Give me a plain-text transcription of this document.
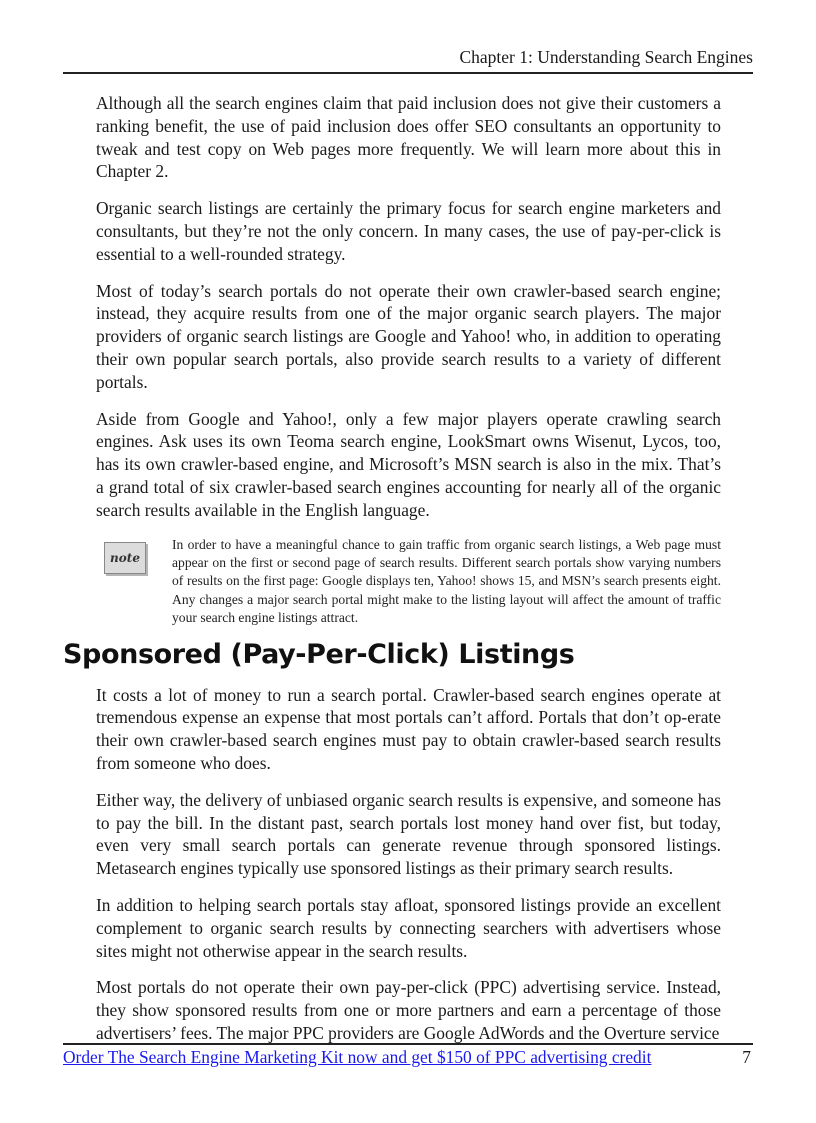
Chapter 1: Understanding Search Engines

Although all the search engines claim that paid inclusion does not give their customers a ranking benefit, the use of paid inclusion does offer SEO consultants an opportunity to tweak and test copy on Web pages more frequently. We will learn more about this in Chapter 2.

Organic search listings are certainly the primary focus for search engine marketers and consultants, but they’re not the only concern. In many cases, the use of pay-per-click is essential to a well-rounded strategy.

Most of today’s search portals do not operate their own crawler-based search engine; instead, they acquire results from one of the major organic search players. The major providers of organic search listings are Google and Yahoo! who, in addition to operating their own popular search portals, also provide search results to a variety of different portals.

Aside from Google and Yahoo!, only a few major players operate crawling search engines. Ask uses its own Teoma search engine, LookSmart owns Wisenut, Lycos, too, has its own crawler-based engine, and Microsoft’s MSN search is also in the mix. That’s a grand total of six crawler-based search engines accounting for nearly all of the organic search results available in the English language.

note
In order to have a meaningful chance to gain traffic from organic search listings, a Web page must appear on the first or second page of search results. Different search portals show varying numbers of results on the first page: Google displays ten, Yahoo! shows 15, and MSN’s search presents eight. Any changes a major search portal might make to the listing layout will affect the amount of traffic your search engine listings attract.
Sponsored (Pay-Per-Click) Listings

It costs a lot of money to run a search portal. Crawler-based search engines operate at tremendous expense an expense that most portals can’t afford. Portals that don’t op-erate their own crawler-based search engines must pay to obtain crawler-based search results from someone who does.

Either way, the delivery of unbiased organic search results is expensive, and someone has to pay the bill. In the distant past, search portals lost money hand over fist, but today, even very small search portals can generate revenue through sponsored listings. Metasearch engines typically use sponsored listings as their primary search results.

In addition to helping search portals stay afloat, sponsored listings provide an excellent complement to organic search results by connecting searchers with advertisers whose sites might not otherwise appear in the search results.

Most portals do not operate their own pay-per-click (PPC) advertising service. Instead, they show sponsored results from one or more partners and earn a percentage of those advertisers’ fees. The major PPC providers are Google AdWords and the Overture service

Order The Search Engine Marketing Kit now and get $150 of PPC advertising credit	7
